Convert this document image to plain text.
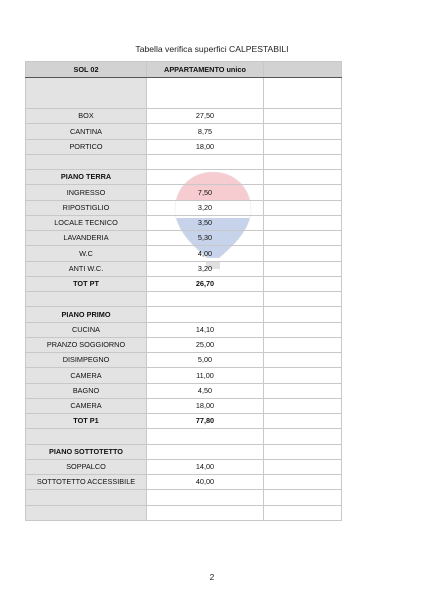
Tabella verifica superfici CALPESTABILI
SOL 02	APPARTAMENTO unico	

BOX	27,50	
CANTINA	8,75	
PORTICO	18,00	

PIANO TERRA		
INGRESSO	7,50	
RIPOSTIGLIO	3,20	
LOCALE TECNICO	3,50	
LAVANDERIA	5,30	
W.C	4,00	
ANTI W.C.	3,20	
TOT PT	26,70	

PIANO PRIMO		
CUCINA	14,10	
PRANZO SOGGIORNO	25,00	
DISIMPEGNO	5,00	
CAMERA	11,00	
BAGNO	4,50	
CAMERA	18,00	
TOT P1	77,80	

PIANO SOTTOTETTO		
SOPPALCO	14,00	
SOTTOTETTO ACCESSIBILE	40,00	

2
